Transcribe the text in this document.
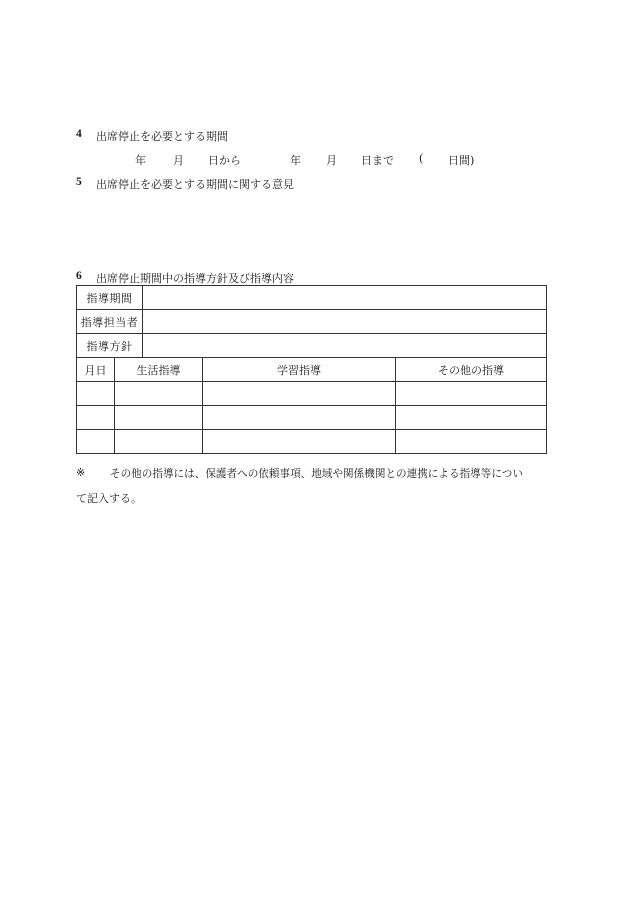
4 出席停止を必要とする期間
年 月 日から	年 月 日まで ( 日間)
5 出席停止を必要とする期間に関する意見
6 出席停止期間中の指導方針及び指導内容
指導期間				
指導担当者				
指導方針				
月日	生活指導		学習指導	その他の指導

※ その他の指導には、保護者への依頼事項、地域や関係機関との連携による指導等につい
て記入する。
